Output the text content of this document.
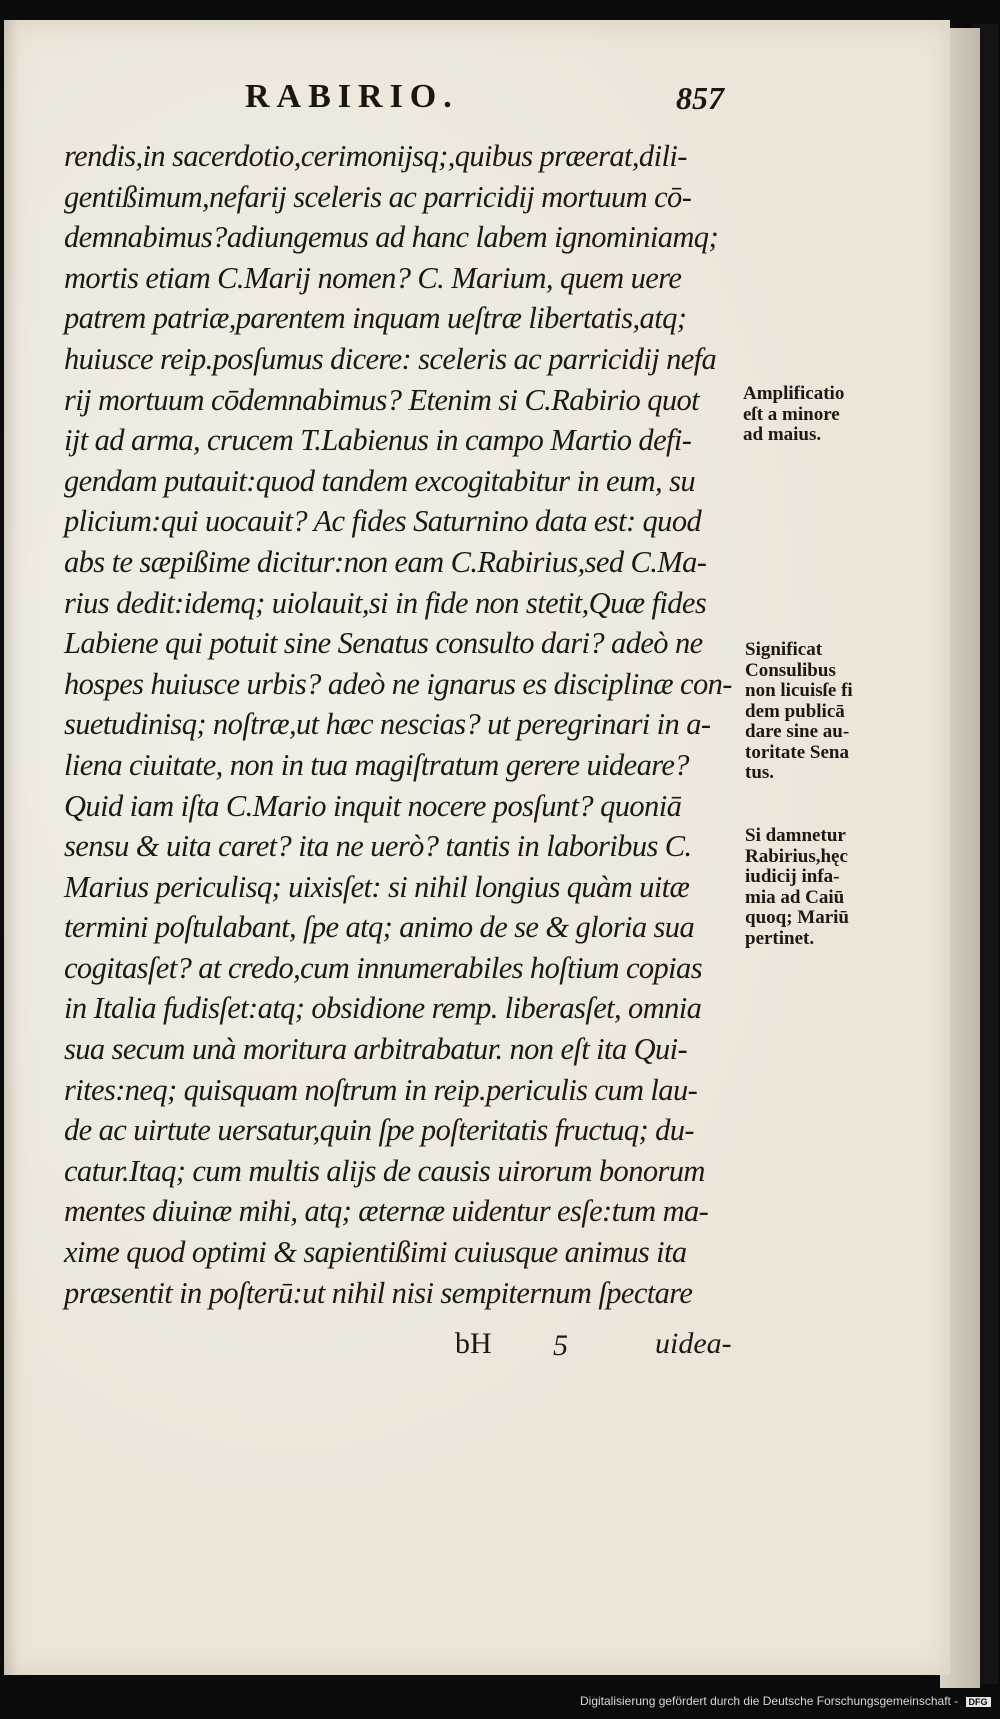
RABIRIO.	857
rendis,in sacerdotio,cerimonijsq;,quibus præerat,dili-
gentißimum,nefarij sceleris ac parricidij mortuum cō-
demnabimus?adiungemus ad hanc labem ignominiamq;
mortis etiam C.Marij nomen? C. Marium, quem uere
patrem patriæ,parentem inquam ueſtræ libertatis,atq;
huiusce reip.posſumus dicere: sceleris ac parricidij nefa
rij mortuum cōdemnabimus? Etenim si C.Rabirio quot
ijt ad arma, crucem T.Labienus in campo Martio defi-
gendam putauit:quod tandem excogitabitur in eum, su
plicium:qui uocauit? Ac fides Saturnino data est: quod
abs te sæpißime dicitur:non eam C.Rabirius,sed C.Ma-
rius dedit:idemq; uiolauit,si in fide non stetit,Quæ fides
Labiene qui potuit sine Senatus consulto dari? adeò ne
hospes huiusce urbis? adeò ne ignarus es disciplinæ con-
suetudinisq; noſtræ,ut hæc nescias? ut peregrinari in a-
liena ciuitate, non in tua magiſtratum gerere uideare?
Quid iam iſta C.Mario inquit nocere posſunt? quoniā
sensu & uita caret? ita ne uerò? tantis in laboribus C.
Marius periculisq; uixisſet: si nihil longius quàm uitæ
termini poſtulabant, ſpe atq; animo de se & gloria sua
cogitasſet? at credo,cum innumerabiles hoſtium copias
in Italia fudisſet:atq; obsidione remp. liberasſet, omnia
sua secum unà moritura arbitrabatur. non eſt ita Qui-
rites:neq; quisquam noſtrum in reip.periculis cum lau-
de ac uirtute uersatur,quin ſpe poſteritatis fructuq; du-
catur.Itaq; cum multis alijs de causis uirorum bonorum
mentes diuinæ mihi, atq; æternæ uidentur esſe:tum ma-
xime quod optimi & sapientißimi cuiusque animus ita
præsentit in poſterū:ut nihil nisi sempiternum ſpectare
bH 5	uidea-
Amplificatio
eſt a minore
ad maius.
Significat
Consulibus
non licuisſe fi
dem publicā
dare sine au-
toritate Sena
tus.
Si damnetur
Rabirius,hęc
iudicij infa-
mia ad Caiū
quoq; Mariū
pertinet.
Digitalisierung gefördert durch die Deutsche Forschungsgemeinschaft - DFG
